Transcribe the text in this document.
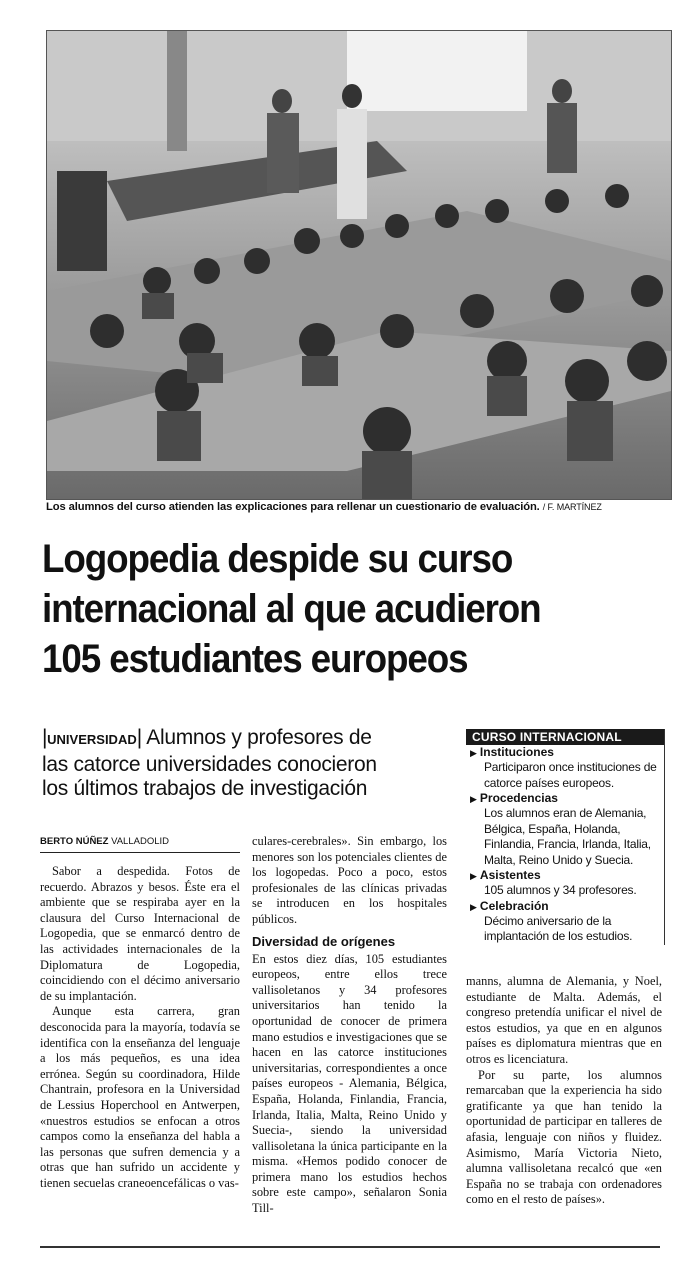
Los alumnos del curso atienden las explicaciones para rellenar un cuestionario de evaluación. / F. MARTÍNEZ
Logopedia despide su curso
internacional al que acudieron
105 estudiantes europeos
|UNIVERSIDAD| Alumnos y profesores de
las catorce universidades conocieron
los últimos trabajos de investigación
CURSO INTERNACIONAL
▶ Instituciones
Participaron once instituciones de catorce países europeos.
▶ Procedencias
Los alumnos eran de Alemania, Bélgica, España, Holanda, Finlandia, Francia, Irlanda, Italia, Malta, Reino Unido y Suecia.
▶ Asistentes
105 alumnos y 34 profesores.
▶ Celebración
Décimo aniversario de la implantación de los estudios.
BERTO NÚÑEZ VALLADOLID

Sabor a despedida. Fotos de recuerdo. Abrazos y besos. Éste era el ambiente que se respiraba ayer en la clausura del Curso Internacional de Logopedia, que se enmarcó dentro de las actividades internacionales de la Diplomatura de Logopedia, coincidiendo con el décimo aniversario de su implantación.

Aunque esta carrera, gran desconocida para la mayoría, todavía se identifica con la enseñanza del lenguaje a los más pequeños, es una idea errónea. Según su coordinadora, Hilde Chantrain, profesora en la Universidad de Lessius Hoperchool en Antwerpen, «nuestros estudios se enfocan a otros campos como la enseñanza del habla a las personas que sufren demencia y a otras que han sufrido un accidente y tienen secuelas craneoencefálicas o vas-

culares-cerebrales». Sin embargo, los menores son los potenciales clientes de los logopedas. Poco a poco, estos profesionales de las clínicas privadas se introducen en los hospitales públicos.

Diversidad de orígenes

En estos diez días, 105 estudiantes europeos, entre ellos trece vallisoletanos y 34 profesores universitarios han tenido la oportunidad de conocer de primera mano estudios e investigaciones que se hacen en las catorce instituciones universitarias, correspondientes a once países europeos - Alemania, Bélgica, España, Holanda, Finlandia, Francia, Irlanda, Italia, Malta, Reino Unido y Suecia-, siendo la universidad vallisoletana la única participante en la misma. «Hemos podido conocer de primera mano los estudios hechos sobre este campo», señalaron Sonia Till-

manns, alumna de Alemania, y Noel, estudiante de Malta. Además, el congreso pretendía unificar el nivel de estos estudios, ya que en en algunos países es diplomatura mientras que en otros es licenciatura.

Por su parte, los alumnos remarcaban que la experiencia ha sido gratificante ya que han tenido la oportunidad de participar en talleres de afasia, lenguaje con niños y fluidez. Asimismo, María Victoria Nieto, alumna vallisoletana recalcó que «en España no se trabaja con ordenadores como en el resto de países».
